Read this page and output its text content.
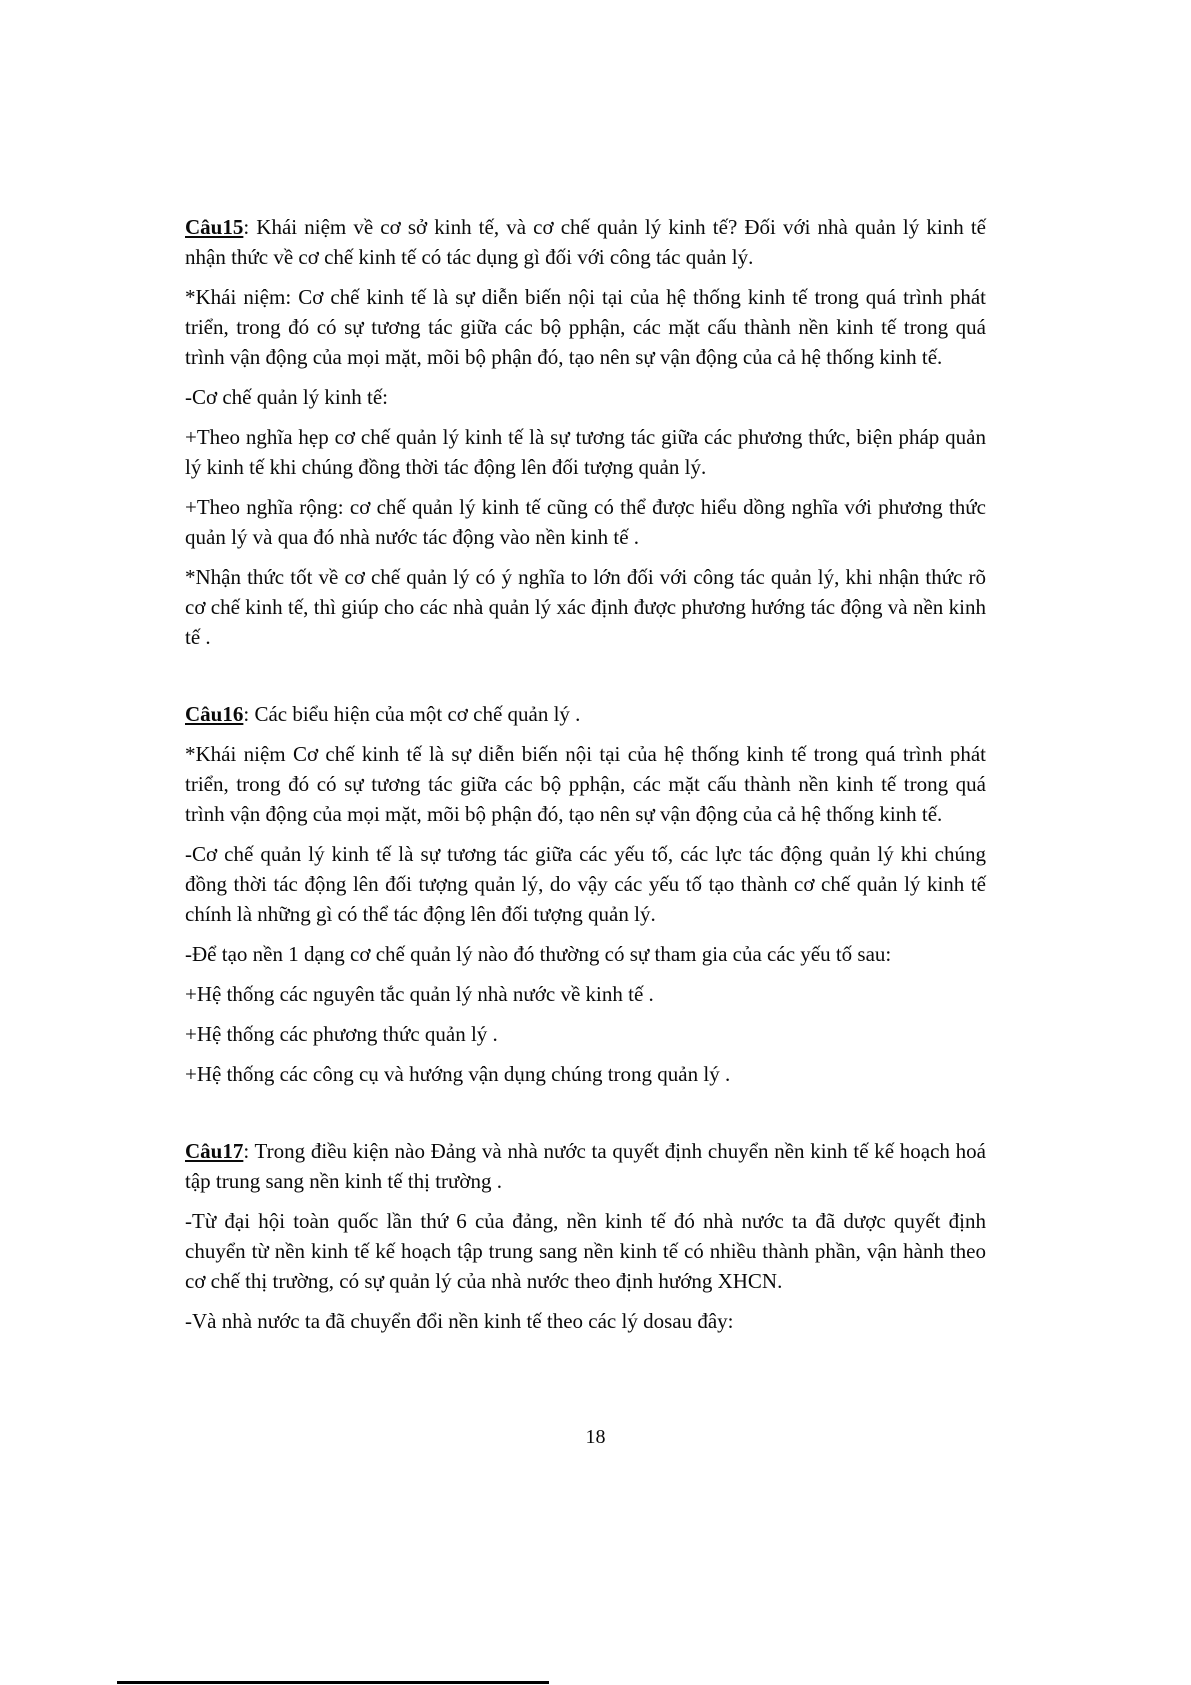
Câu15: Khái niệm về cơ sở kinh tế, và cơ chế quản lý kinh tế? Đối với nhà quản lý kinh tế nhận thức về cơ chế kinh tế có tác dụng gì đối với công tác quản lý.

*Khái niệm: Cơ chế kinh tế là sự diễn biến nội tại của hệ thống kinh tế trong quá trình phát triển, trong đó có sự tương tác giữa các bộ pphận, các mặt cấu thành nền kinh tế trong quá trình vận động của mọi mặt, mõi bộ phận đó, tạo nên sự vận động của cả hệ thống kinh tế.

-Cơ chế quản lý kinh tế:

+Theo nghĩa hẹp cơ chế quản lý kinh tế là sự tương tác giữa các phương thức, biện pháp quản lý kinh tế khi chúng đồng thời tác động lên đối tượng quản lý.

+Theo nghĩa rộng: cơ chế quản lý kinh tế cũng có thể được hiểu dồng nghĩa với phương thức quản lý và qua đó nhà nước tác động vào nền kinh tế .

*Nhận thức tốt về cơ chế quản lý có ý nghĩa to lớn đối với công tác quản lý, khi nhận thức rõ cơ chế kinh tế, thì giúp cho các nhà quản lý xác định được phương hướng tác động và nền kinh tế .

Câu16: Các biểu hiện của một cơ chế quản lý .

*Khái niệm Cơ chế kinh tế là sự diễn biến nội tại của hệ thống kinh tế trong quá trình phát triển, trong đó có sự tương tác giữa các bộ pphận, các mặt cấu thành nền kinh tế trong quá trình vận động của mọi mặt, mõi bộ phận đó, tạo nên sự vận động của cả hệ thống kinh tế.

-Cơ chế quản lý kinh tế là sự tương tác giữa các yếu tố, các lực tác động quản lý khi chúng đồng thời tác động lên đối tượng quản lý, do vậy các yếu tố tạo thành cơ chế quản lý kinh tế chính là những gì có thể tác động lên đối tượng quản lý.

-Để tạo nền 1 dạng cơ chế quản lý nào đó thường có sự tham gia của các yếu tố sau:

+Hệ thống các nguyên tắc quản lý nhà nước về kinh tế .

+Hệ thống các phương thức quản lý .

+Hệ thống các công cụ và hướng vận dụng chúng trong quản lý .

Câu17: Trong điều kiện nào Đảng và nhà nước ta quyết định chuyển nền kinh tế kế hoạch hoá tập trung sang nền kinh tế thị trường .

-Từ đại hội toàn quốc lần thứ 6 của đảng, nền kinh tế đó nhà nước ta đã dược quyết định chuyển từ nền kinh tế kế hoạch tập trung sang nền kinh tế có nhiều thành phần, vận hành theo cơ chế thị trường, có sự quản lý của nhà nước theo định hướng XHCN.

-Và nhà nước ta đã chuyển đổi nền kinh tế theo các lý dosau đây:

18
